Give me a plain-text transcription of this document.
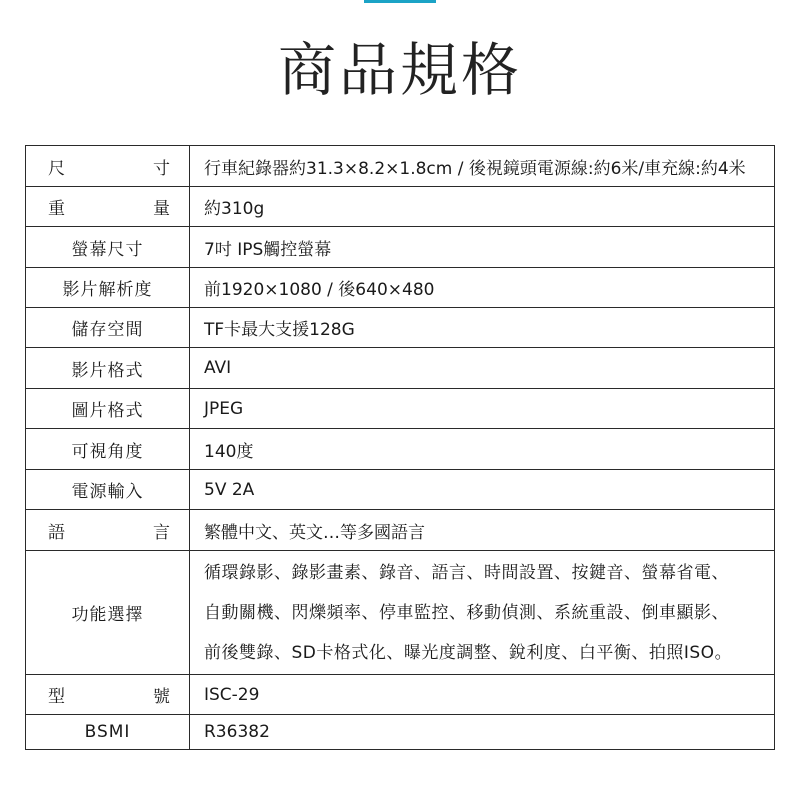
商品規格
尺　寸	行車紀錄器約31.3×8.2×1.8cm / 後視鏡頭電源線:約6米/車充線:約4米
重　量	約310g
螢幕尺寸	7吋 IPS觸控螢幕
影片解析度	前1920×1080 / 後640×480
儲存空間	TF卡最大支援128G
影片格式	AVI
圖片格式	JPEG
可視角度	140度
電源輸入	5V 2A
語　言	繁體中文、英文…等多國語言
功能選擇	循環錄影、錄影畫素、錄音、語言、時間設置、按鍵音、螢幕省電、
自動關機、閃爍頻率、停車監控、移動偵測、系統重設、倒車顯影、
前後雙錄、SD卡格式化、曝光度調整、銳利度、白平衡、拍照ISO。

型　號	ISC-29
BSMI	R36382
